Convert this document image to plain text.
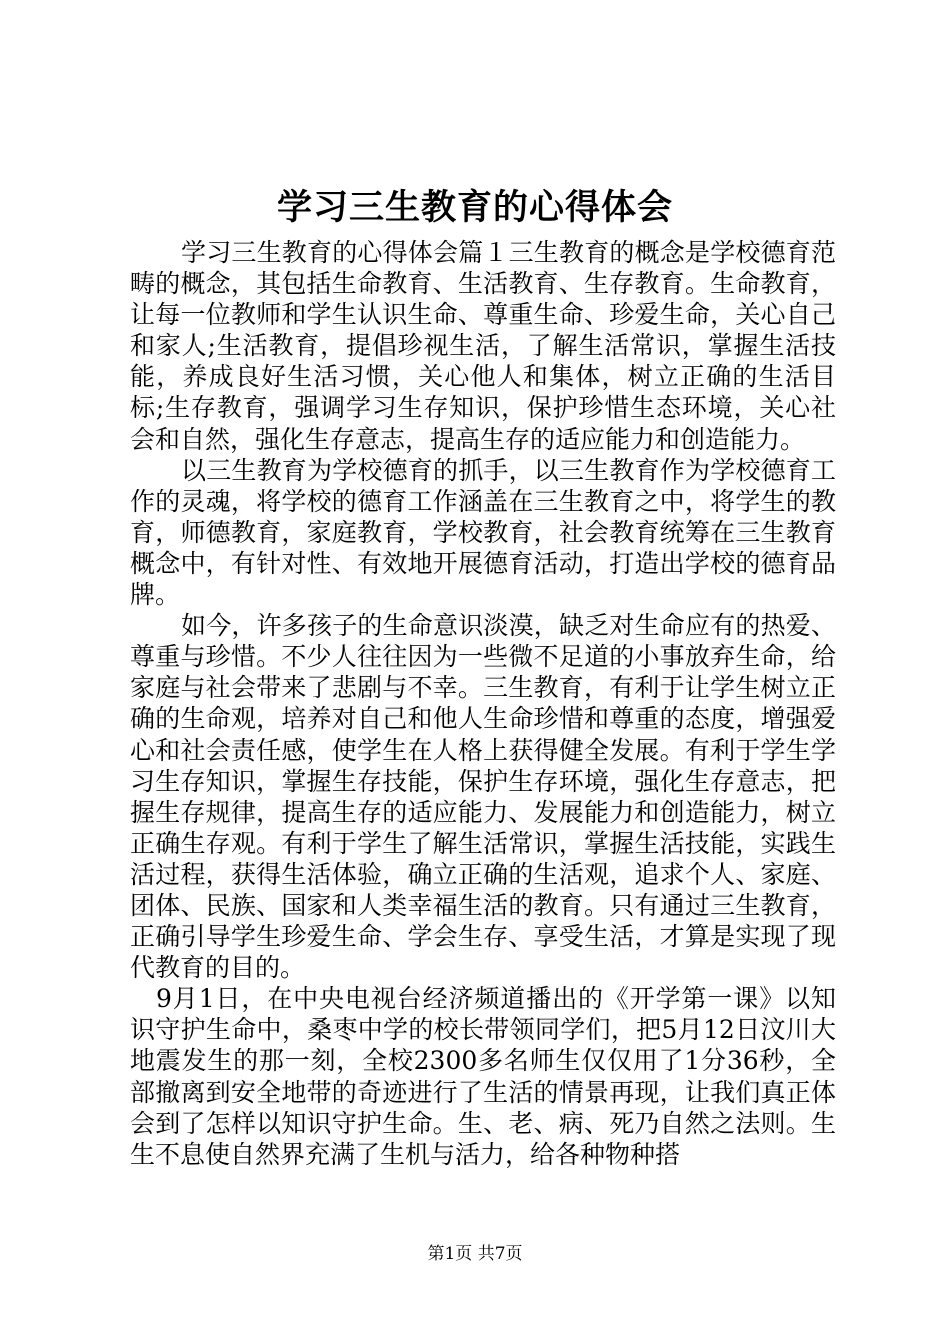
学习三生教育的心得体会

学习三生教育的心得体会篇１三生教育的概念是学校德育范畴的概念，其包括生命教育、生活教育、生存教育。生命教育，让每一位教师和学生认识生命、尊重生命、珍爱生命，关心自己和家人;生活教育，提倡珍视生活，了解生活常识，掌握生活技能，养成良好生活习惯，关心他人和集体，树立正确的生活目标;生存教育，强调学习生存知识，保护珍惜生态环境，关心社会和自然，强化生存意志，提高生存的适应能力和创造能力。

以三生教育为学校德育的抓手，以三生教育作为学校德育工作的灵魂，将学校的德育工作涵盖在三生教育之中，将学生的教育，师德教育，家庭教育，学校教育，社会教育统筹在三生教育概念中，有针对性、有效地开展德育活动，打造出学校的德育品牌。

如今，许多孩子的生命意识淡漠，缺乏对生命应有的热爱、尊重与珍惜。不少人往往因为一些微不足道的小事放弃生命，给家庭与社会带来了悲剧与不幸。三生教育，有利于让学生树立正确的生命观，培养对自己和他人生命珍惜和尊重的态度，增强爱心和社会责任感，使学生在人格上获得健全发展。有利于学生学习生存知识，掌握生存技能，保护生存环境，强化生存意志，把握生存规律，提高生存的适应能力、发展能力和创造能力，树立正确生存观。有利于学生了解生活常识，掌握生活技能，实践生活过程，获得生活体验，确立正确的生活观，追求个人、家庭、团体、民族、国家和人类幸福生活的教育。只有通过三生教育，正确引导学生珍爱生命、学会生存、享受生活，才算是实现了现代教育的目的。

9月1日，在中央电视台经济频道播出的《开学第一课》以知识守护生命中，桑枣中学的校长带领同学们，把5月12日汶川大地震发生的那一刻，全校2300多名师生仅仅用了1分36秒，全部撤离到安全地带的奇迹进行了生活的情景再现，让我们真正体会到了怎样以知识守护生命。生、老、病、死乃自然之法则。生生不息使自然界充满了生机与活力，给各种物种搭

第1页 共7页
